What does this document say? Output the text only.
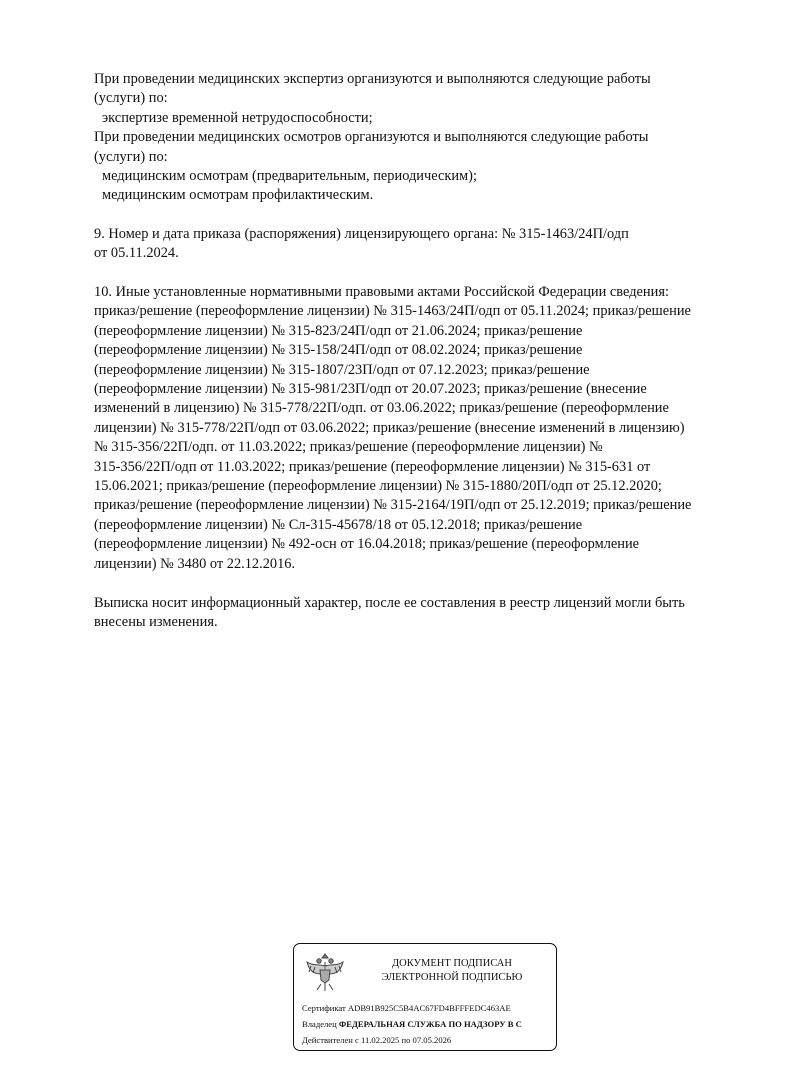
При проведении медицинских экспертиз организуются и выполняются следующие работы
(услуги) по:
экспертизе временной нетрудоспособности;
При проведении медицинских осмотров организуются и выполняются следующие работы
(услуги) по:
медицинским осмотрам (предварительным, периодическим);
медицинским осмотрам профилактическим.
9. Номер и дата приказа (распоряжения) лицензирующего органа: № 315-1463/24П/одп
от 05.11.2024.
10. Иные установленные нормативными правовыми актами Российской Федерации сведения:
приказ/решение (переоформление лицензии) № 315-1463/24П/одп от 05.11.2024; приказ/решение
(переоформление лицензии) № 315-823/24П/одп от 21.06.2024; приказ/решение
(переоформление лицензии) № 315-158/24П/одп от 08.02.2024; приказ/решение
(переоформление лицензии) № 315-1807/23П/одп от 07.12.2023; приказ/решение
(переоформление лицензии) № 315-981/23П/одп от 20.07.2023; приказ/решение (внесение
изменений в лицензию) № 315-778/22П/одп. от 03.06.2022; приказ/решение (переоформление
лицензии) № 315-778/22П/одп от 03.06.2022; приказ/решение (внесение изменений в лицензию)
№ 315-356/22П/одп. от 11.03.2022; приказ/решение (переоформление лицензии) №
315-356/22П/одп от 11.03.2022; приказ/решение (переоформление лицензии) № 315-631 от
15.06.2021; приказ/решение (переоформление лицензии) № 315-1880/20П/одп от 25.12.2020;
приказ/решение (переоформление лицензии) № 315-2164/19П/одп от 25.12.2019; приказ/решение
(переоформление лицензии) № Сл-315-45678/18 от 05.12.2018; приказ/решение
(переоформление лицензии) № 492-осн от 16.04.2018; приказ/решение (переоформление
лицензии) № 3480 от 22.12.2016.
Выписка носит информационный характер, после ее составления в реестр лицензий могли быть
внесены изменения.
ДОКУМЕНТ ПОДПИСАН
ЭЛЕКТРОННОЙ ПОДПИСЬЮ
Сертификат ADB91B925C5B4AC67FD4BFFFEDC463AE
Владелец ФЕДЕРАЛЬНАЯ СЛУЖБА ПО НАДЗОРУ В С
Действителен с 11.02.2025 по 07.05.2026
